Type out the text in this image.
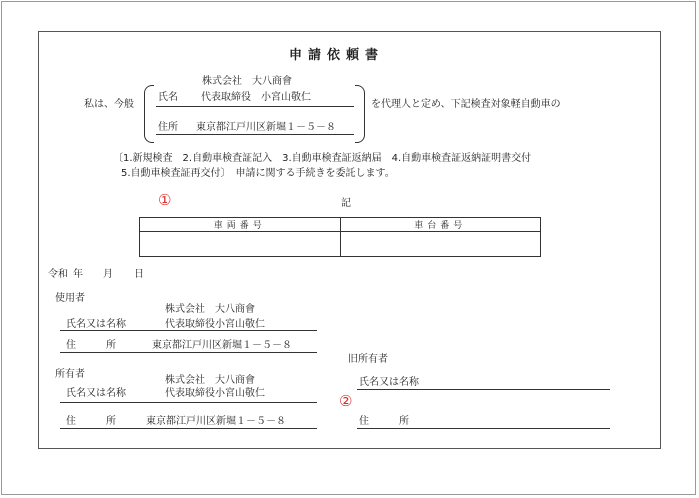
申請依頼書
私は、今般
株式会社　大八商會
氏名 代表取締役　小宮山敬仁
住所 東京都江戸川区新堀１－５－８
を代理人と定め、下記検査対象軽自動車の
〔1.新規検査　2.自動車検査証記入　3.自動車検査証返納届　4.自動車検査証返納証明書交付
5.自動車検査証再交付〕　申請に関する手続きを委託します。
①	記
車両番号	車台番号

令和 年 月 日
使用者
株式会社　大八商會
氏名又は名称	代表取締役小宮山敬仁
住　　　所	東京都江戸川区新堀１－５－８
所有者
株式会社　大八商會
氏名又は名称	代表取締役小宮山敬仁
住　　　所	東京都江戸川区新堀１－５－８
旧所有者
氏名又は名称
②
住　　　所
